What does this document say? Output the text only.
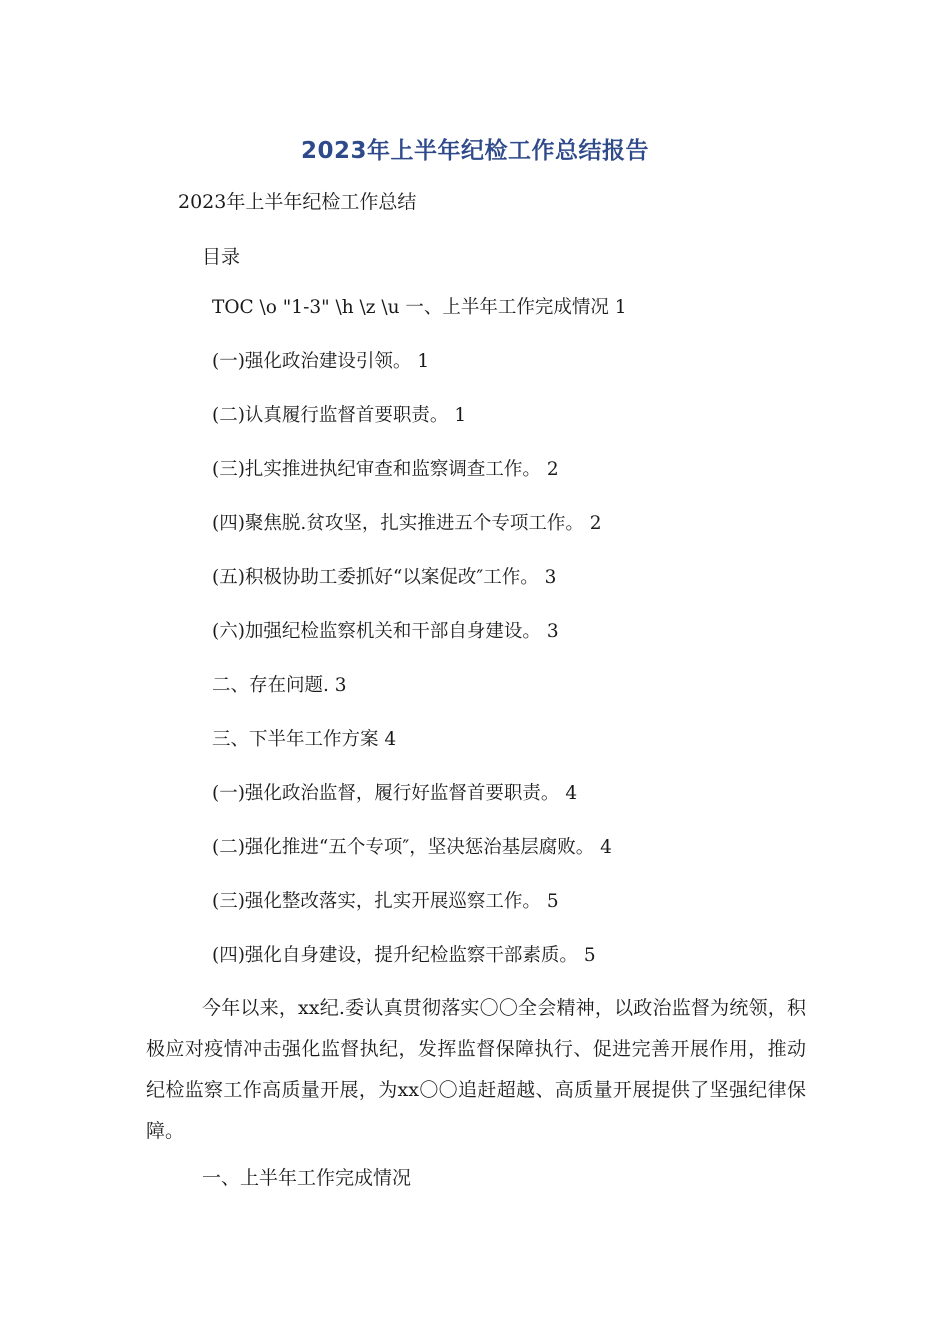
2023年上半年纪检工作总结报告
2023年上半年纪检工作总结
目录
TOC \o "1-3" \h \z \u 一、上半年工作完成情况 1
(一)强化政治建设引领。 1
(二)认真履行监督首要职责。 1
(三)扎实推进执纪审查和监察调查工作。 2
(四)聚焦脱.贫攻坚，扎实推进五个专项工作。 2
(五)积极协助工委抓好“以案促改″工作。 3
(六)加强纪检监察机关和干部自身建设。 3
二、存在问题. 3
三、下半年工作方案 4
(一)强化政治监督，履行好监督首要职责。 4
(二)强化推进“五个专项″，坚决惩治基层腐败。 4
(三)强化整改落实，扎实开展巡察工作。 5
(四)强化自身建设，提升纪检监察干部素质。 5

今年以来，xx纪.委认真贯彻落实〇〇全会精神，以政治监督为统领，积极应对疫情冲击强化监督执纪，发挥监督保障执行、促进完善开展作用，推动纪检监察工作高质量开展，为xx〇〇追赶超越、高质量开展提供了坚强纪律保障。

一、上半年工作完成情况
